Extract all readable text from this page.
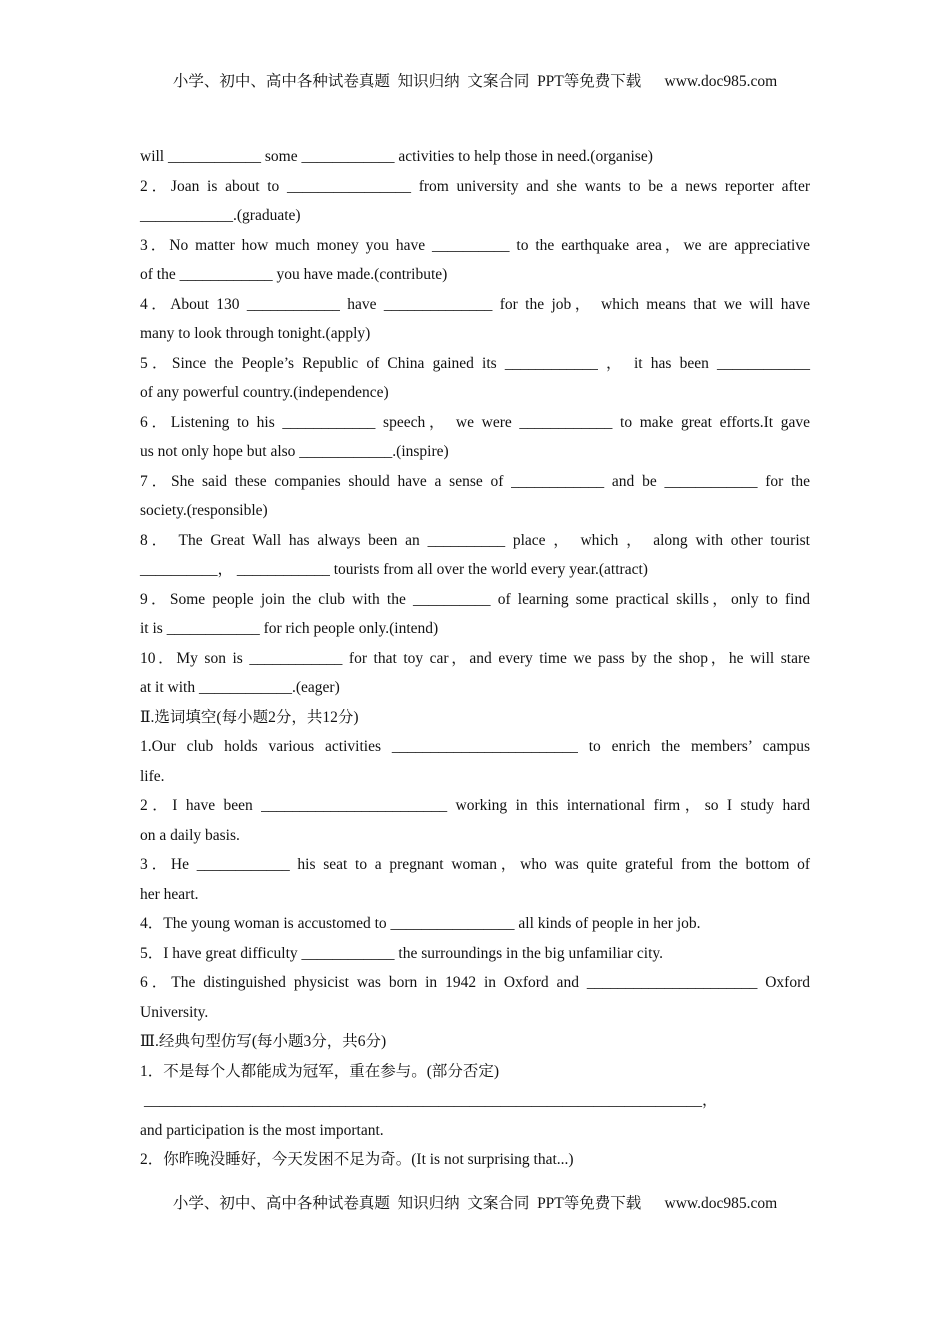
小学、初中、高中各种试卷真题  知识归纳  文案合同  PPT等免费下载      www.doc985.com

will ____________ some ____________ activities to help those in need.(organise)

2．Joan is about to ________________ from university and she wants to be a news reporter after

____________.(graduate)

3．No matter how much money you have __________ to the earthquake area，we are appreciative

of the ____________ you have made.(contribute)

4．About 130 ____________ have ______________ for the job， which means that we will have

many to look through tonight.(apply)

5．Since the People’s Republic of China gained its ____________ ， it has been ____________

of any powerful country.(independence)

6．Listening to his ____________ speech， we were ____________ to make great efforts.It gave

us not only hope but also ____________.(inspire)

7．She said these companies should have a sense of ____________ and be ____________ for the

society.(responsible)

8． The Great Wall has always been an __________ place ， which ， along with other tourist

__________， ____________ tourists from all over the world every year.(attract)

9．Some people join the club with the __________ of learning some practical skills，only to find

it is ____________ for rich people only.(intend)

10．My son is ____________ for that toy car，and every time we pass by the shop，he will stare

at it with ____________.(eager)

Ⅱ.选词填空(每小题2分，共12分)

1.Our club holds various activities ________________________ to enrich the members’ campus

life.

2．I have been ________________________ working in this international firm，so I study hard

on a daily basis.

3．He ____________ his seat to a pregnant woman，who was quite grateful from the bottom of

her heart.

4．The young woman is accustomed to ________________ all kinds of people in her job.

5．I have great difficulty ____________ the surroundings in the big unfamiliar city.

6．The distinguished physicist was born in 1942 in Oxford and ______________________ Oxford

University.

Ⅲ.经典句型仿写(每小题3分，共6分)

1．不是每个人都能成为冠军，重在参与。(部分否定)

________________________________________________________________________，

and participation is the most important.

2．你昨晚没睡好，今天发困不足为奇。(It is not surprising that...)

小学、初中、高中各种试卷真题  知识归纳  文案合同  PPT等免费下载      www.doc985.com
